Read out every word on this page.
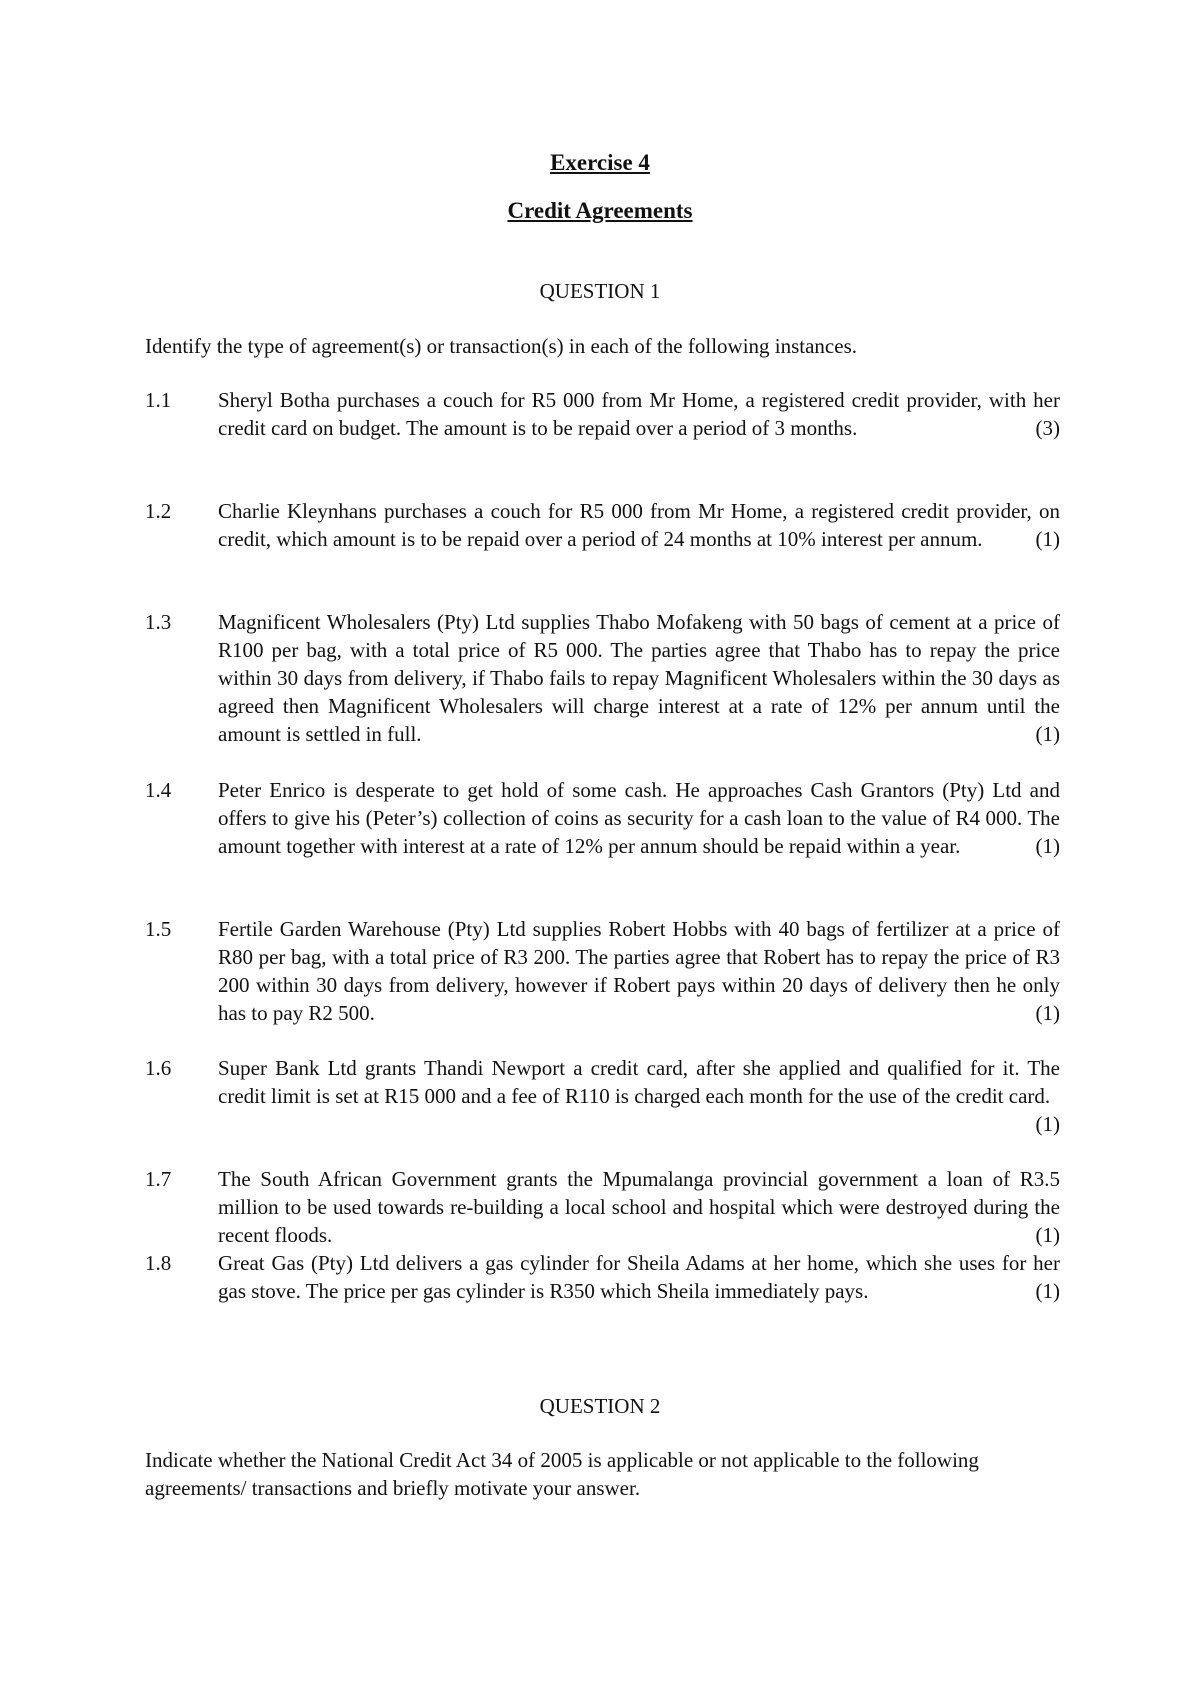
Exercise 4
Credit Agreements
QUESTION 1
Identify the type of agreement(s) or transaction(s) in each of the following instances.
1.1	Sheryl Botha purchases a couch for R5 000 from Mr Home, a registered credit provider, with her credit card on budget. The amount is to be repaid over a period of 3 months.	(3)
1.2	Charlie Kleynhans purchases a couch for R5 000 from Mr Home, a registered credit provider, on credit, which amount is to be repaid over a period of 24 months at 10% interest per annum.	(1)
1.3	Magnificent Wholesalers (Pty) Ltd supplies Thabo Mofakeng with 50 bags of cement at a price of R100 per bag, with a total price of R5 000. The parties agree that Thabo has to repay the price within 30 days from delivery, if Thabo fails to repay Magnificent Wholesalers within the 30 days as agreed then Magnificent Wholesalers will charge interest at a rate of 12% per annum until the amount is settled in full.	(1)
1.4	Peter Enrico is desperate to get hold of some cash. He approaches Cash Grantors (Pty) Ltd and offers to give his (Peter’s) collection of coins as security for a cash loan to the value of R4 000. The amount together with interest at a rate of 12% per annum should be repaid within a year.	(1)
1.5	Fertile Garden Warehouse (Pty) Ltd supplies Robert Hobbs with 40 bags of fertilizer at a price of R80 per bag, with a total price of R3 200. The parties agree that Robert has to repay the price of R3 200 within 30 days from delivery, however if Robert pays within 20 days of delivery then he only has to pay R2 500.	(1)
1.6	Super Bank Ltd grants Thandi Newport a credit card, after she applied and qualified for it. The credit limit is set at R15 000 and a fee of R110 is charged each month for the use of the credit card.
(1)
1.7	The South African Government grants the Mpumalanga provincial government a loan of R3.5 million to be used towards re-building a local school and hospital which were destroyed during the recent floods.	(1)
1.8	Great Gas (Pty) Ltd delivers a gas cylinder for Sheila Adams at her home, which she uses for her gas stove. The price per gas cylinder is R350 which Sheila immediately pays.	(1)
QUESTION 2
Indicate whether the National Credit Act 34 of 2005 is applicable or not applicable to the following agreements/ transactions and briefly motivate your answer.
